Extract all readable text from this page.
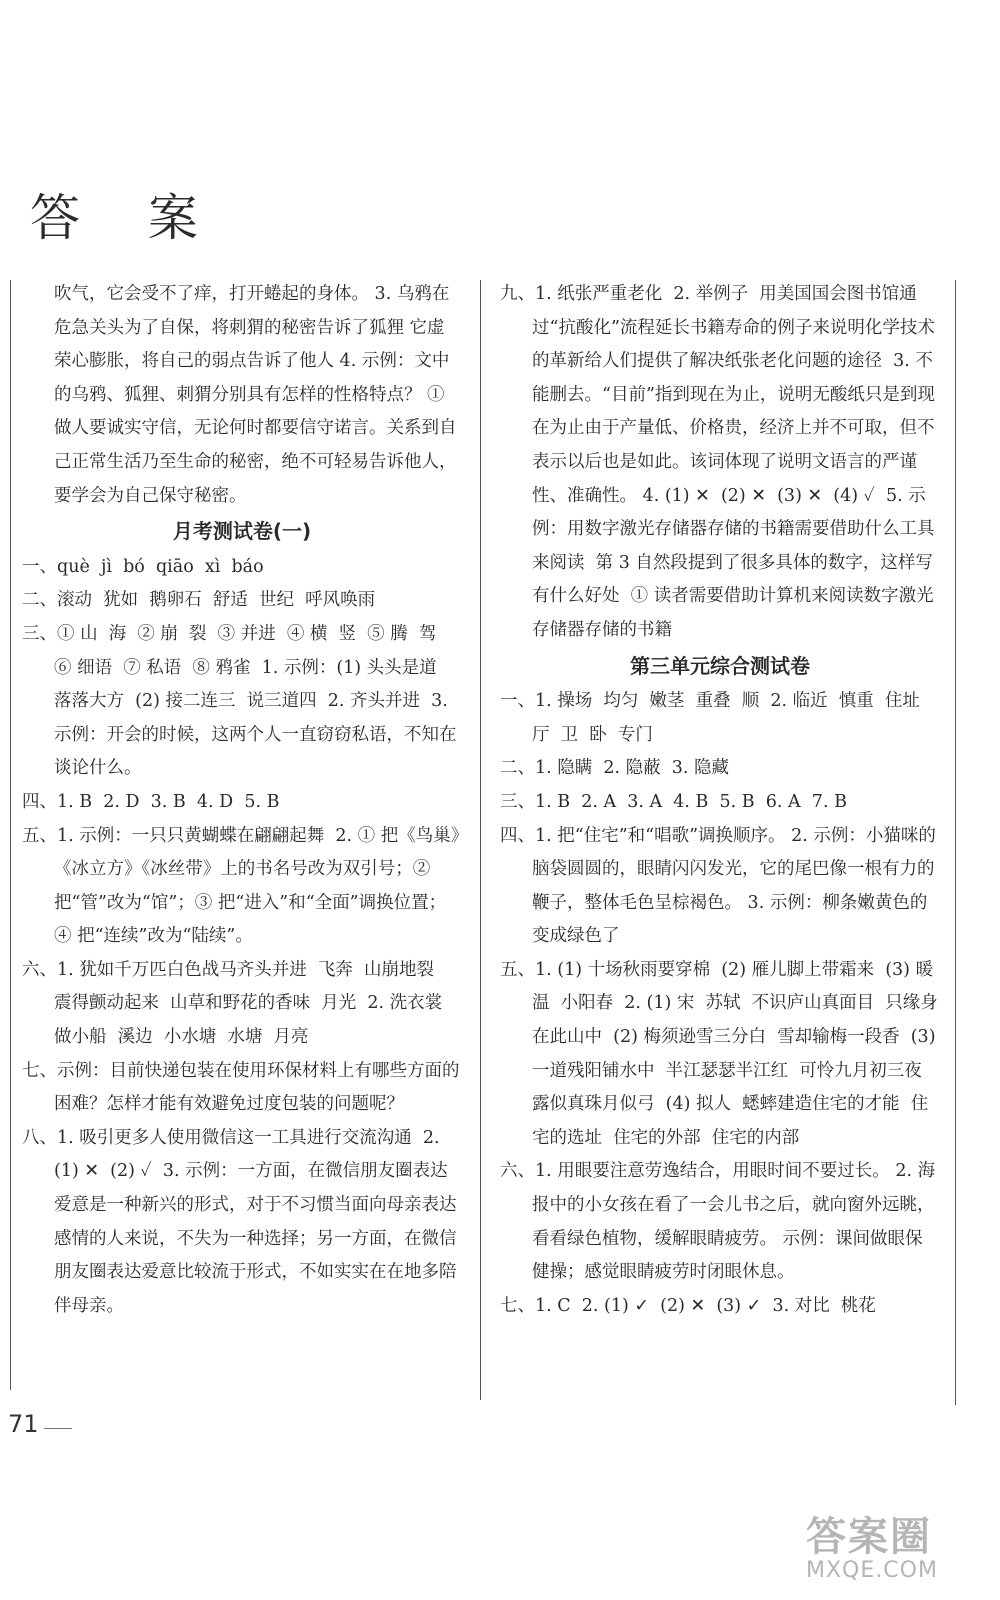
答 案

吹气，它会受不了痒，打开蜷起的身体。 3. 乌鸦在危急关头为了自保，将刺猬的秘密告诉了狐狸 它虚荣心膨胀，将自己的弱点告诉了他人 4. 示例：文中的乌鸦、狐狸、刺猬分别具有怎样的性格特点？ ① 做人要诚实守信，无论何时都要信守诺言。关系到自己正常生活乃至生命的秘密，绝不可轻易告诉他人，要学会为自己保守秘密。

月考测试卷(一)

一、què  jì  bó  qiāo  xì  báo

二、滚动  犹如  鹅卵石  舒适  世纪  呼风唤雨

三、① 山  海  ② 崩  裂  ③ 并进  ④ 横  竖  ⑤ 腾  驾  ⑥ 细语  ⑦ 私语  ⑧ 鸦雀  1. 示例：(1) 头头是道  落落大方  (2) 接二连三  说三道四  2. 齐头并进  3. 示例：开会的时候，这两个人一直窃窃私语，不知在谈论什么。

四、1. B  2. D  3. B  4. D  5. B

五、1. 示例：一只只黄蝴蝶在翩翩起舞  2. ① 把《鸟巢》《冰立方》《冰丝带》上的书名号改为双引号；② 把“管”改为“馆”；③ 把“进入”和“全面”调换位置；④ 把“连续”改为“陆续”。

六、1. 犹如千万匹白色战马齐头并进  飞奔  山崩地裂  震得颤动起来  山草和野花的香味  月光  2. 洗衣裳  做小船  溪边  小水塘  水塘  月亮

七、示例：目前快递包装在使用环保材料上有哪些方面的困难？怎样才能有效避免过度包装的问题呢？

八、1. 吸引更多人使用微信这一工具进行交流沟通  2. (1) ✕  (2) ✓  3. 示例：一方面，在微信朋友圈表达爱意是一种新兴的形式，对于不习惯当面向母亲表达感情的人来说，不失为一种选择；另一方面，在微信朋友圈表达爱意比较流于形式，不如实实在在地多陪伴母亲。

九、1. 纸张严重老化  2. 举例子  用美国国会图书馆通过“抗酸化”流程延长书籍寿命的例子来说明化学技术的革新给人们提供了解决纸张老化问题的途径  3. 不能删去。“目前”指到现在为止，说明无酸纸只是到现在为止由于产量低、价格贵，经济上并不可取，但不表示以后也是如此。该词体现了说明文语言的严谨性、准确性。 4. (1) ✕  (2) ✕  (3) ✕  (4) ✓  5. 示例：用数字激光存储器存储的书籍需要借助什么工具来阅读  第 3 自然段提到了很多具体的数字，这样写有什么好处  ① 读者需要借助计算机来阅读数字激光存储器存储的书籍

第三单元综合测试卷

一、1. 操场  均匀  嫩茎  重叠  顺  2. 临近  慎重  住址  厅  卫  卧  专门

二、1. 隐瞒  2. 隐蔽  3. 隐藏

三、1. B  2. A  3. A  4. B  5. B  6. A  7. B

四、1. 把“住宅”和“唱歌”调换顺序。 2. 示例：小猫咪的脑袋圆圆的，眼睛闪闪发光，它的尾巴像一根有力的鞭子，整体毛色呈棕褐色。 3. 示例：柳条嫩黄色的  变成绿色了

五、1. (1) 十场秋雨要穿棉  (2) 雁儿脚上带霜来  (3) 暖  温  小阳春  2. (1) 宋  苏轼  不识庐山真面目  只缘身在此山中  (2) 梅须逊雪三分白  雪却输梅一段香  (3) 一道残阳铺水中  半江瑟瑟半江红  可怜九月初三夜  露似真珠月似弓  (4) 拟人  蟋蟀建造住宅的才能  住宅的选址  住宅的外部  住宅的内部

六、1. 用眼要注意劳逸结合，用眼时间不要过长。 2. 海报中的小女孩在看了一会儿书之后，就向窗外远眺，看看绿色植物，缓解眼睛疲劳。 示例：课间做眼保健操；感觉眼睛疲劳时闭眼休息。

七、1. C  2. (1) ✓  (2) ✕  (3) ✓  3. 对比  桃花

71
答案圈
MXQE.COM
